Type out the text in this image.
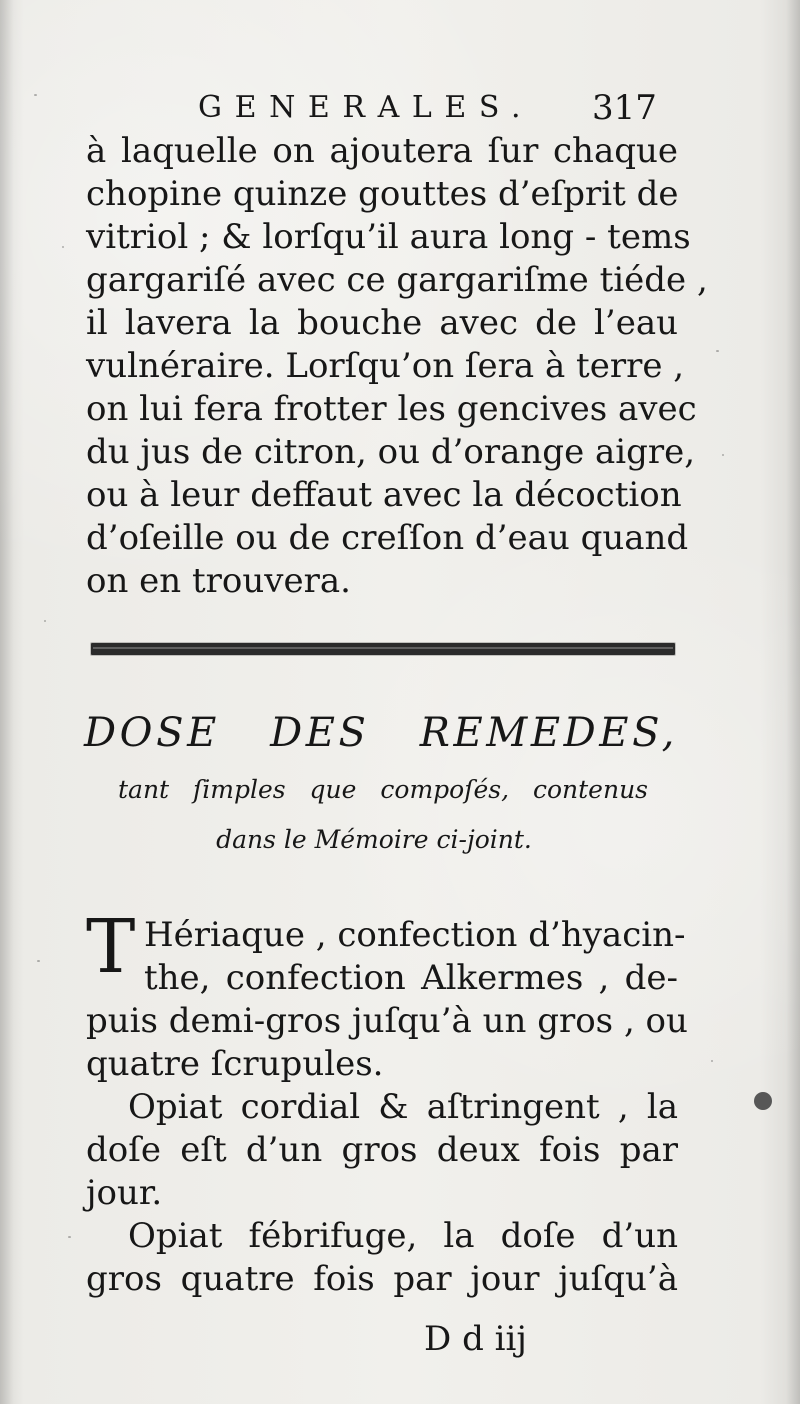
GENERALES.	317
à laquelle on ajoutera ſur chaque
chopine quinze gouttes d’eſprit de
vitriol ; & lorſqu’il aura long - tems
gargariſé avec ce gargariſme tiéde ,
il lavera la bouche avec de l’eau
vulnéraire. Lorſqu’on ſera à terre ,
on lui fera frotter les gencives avec
du jus de citron, ou d’orange aigre,
ou à leur deffaut avec la décoction
d’oſeille ou de creſſon d’eau quand
on en trouvera.
DOSE DES REMEDES,
tant ſimples que compoſés, contenus
dans le Mémoire ci-joint.
T Hériaque , confection d’hyacin-
the, confection Alkermes , de-
puis demi-gros juſqu’à un gros , ou
quatre ſcrupules.
Opiat cordial & aſtringent , la
doſe eſt d’un gros deux fois par
jour.
Opiat fébrifuge, la doſe d’un
gros quatre fois par jour juſqu’à
D d iij
